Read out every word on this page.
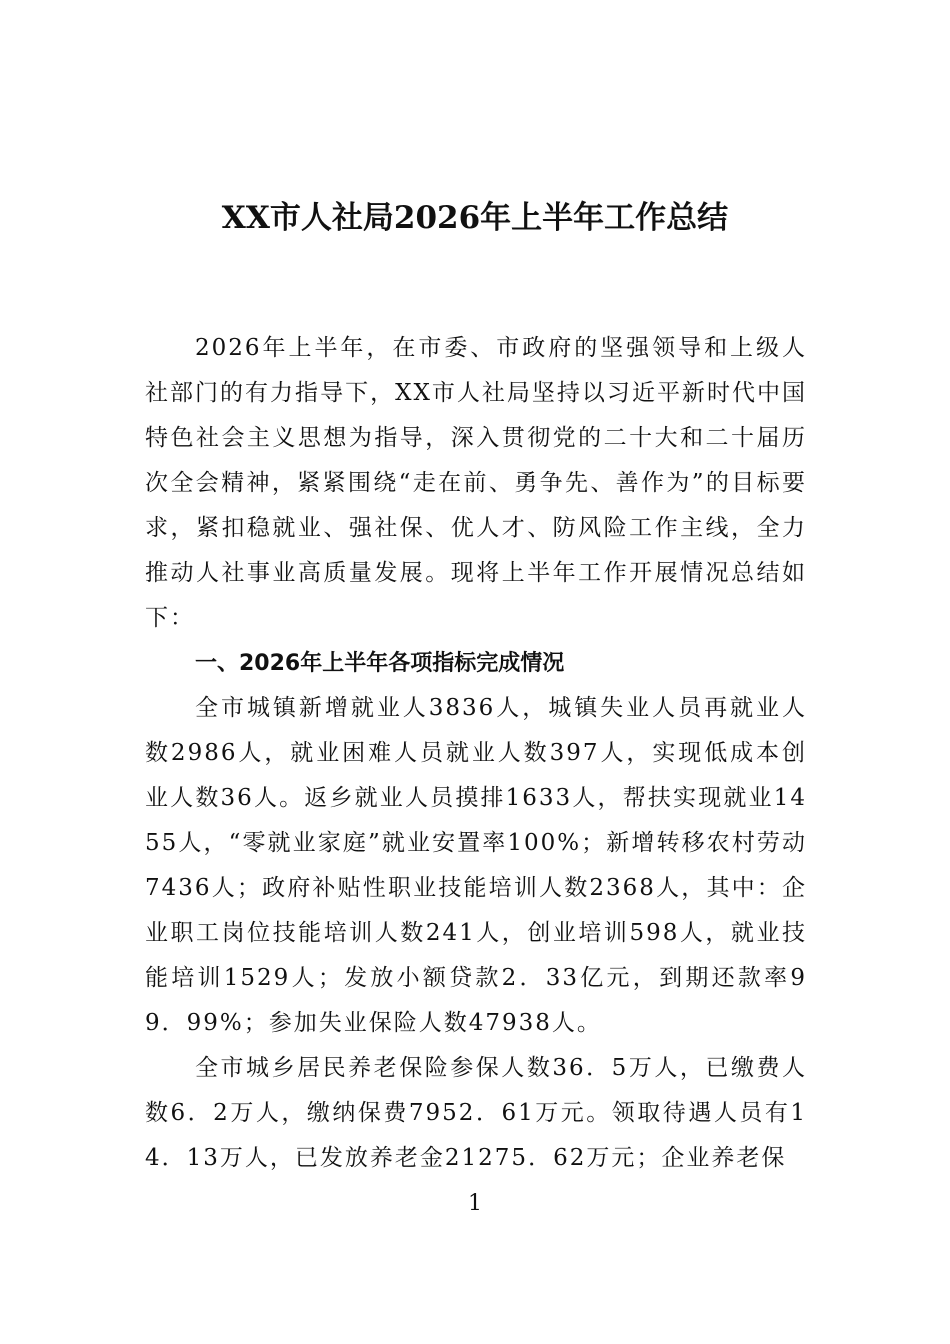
XX市人社局2026年上半年工作总结

2026年上半年，在市委、市政府的坚强领导和上级人社部门的有力指导下，XX市人社局坚持以习近平新时代中国特色社会主义思想为指导，深入贯彻党的二十大和二十届历次全会精神，紧紧围绕“走在前、勇争先、善作为”的目标要求，紧扣稳就业、强社保、优人才、防风险工作主线，全力推动人社事业高质量发展。现将上半年工作开展情况总结如下：

一、2026年上半年各项指标完成情况

全市城镇新增就业人3836人，城镇失业人员再就业人数2986人，就业困难人员就业人数397人，实现低成本创业人数36人。返乡就业人员摸排1633人，帮扶实现就业1455人，“零就业家庭”就业安置率100%；新增转移农村劳动7436人；政府补贴性职业技能培训人数2368人，其中：企业职工岗位技能培训人数241人，创业培训598人，就业技能培训1529人；发放小额贷款2．33亿元，到期还款率99．99%；参加失业保险人数47938人。

全市城乡居民养老保险参保人数36．5万人，已缴费人数6．2万人，缴纳保费7952．61万元。领取待遇人员有14．13万人，已发放养老金21275．62万元；企业养老保

1
